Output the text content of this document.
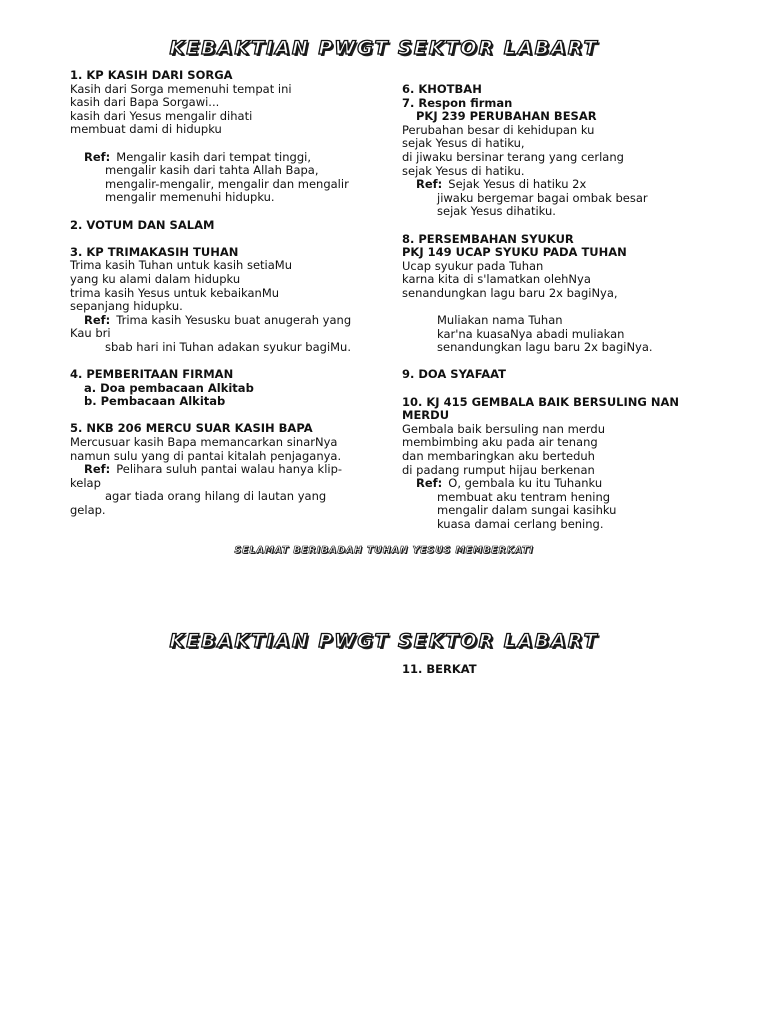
KEBAKTIAN PWGT SEKTOR LABART
1. KP KASIH DARI SORGA
Kasih dari Sorga memenuhi tempat ini
kasih dari Bapa Sorgawi...
kasih dari Yesus mengalir dihati
membuat dami di hidupku
Ref: Mengalir kasih dari tempat tinggi,
mengalir kasih dari tahta Allah Bapa,
mengalir-mengalir, mengalir dan mengalir
mengalir memenuhi hidupku.
2. VOTUM DAN SALAM
3. KP TRIMAKASIH TUHAN
Trima kasih Tuhan untuk kasih setiaMu
yang ku alami dalam hidupku
trima kasih Yesus untuk kebaikanMu
sepanjang hidupku.
Ref: Trima kasih Yesusku buat anugerah yang
Kau bri
sbab hari ini Tuhan adakan syukur bagiMu.
4. PEMBERITAAN FIRMAN
a. Doa pembacaan Alkitab
b. Pembacaan Alkitab
5. NKB 206 MERCU SUAR KASIH BAPA
Mercusuar kasih Bapa memancarkan sinarNya
namun sulu yang di pantai kitalah penjaganya.
Ref: Pelihara suluh pantai walau hanya klip-
kelap
agar tiada orang hilang di lautan yang
gelap.
6. KHOTBAH
7. Respon firman
PKJ 239 PERUBAHAN BESAR
Perubahan besar di kehidupan ku
sejak Yesus di hatiku,
di jiwaku bersinar terang yang cerlang
sejak Yesus di hatiku.
Ref: Sejak Yesus di hatiku 2x
jiwaku bergemar bagai ombak besar
sejak Yesus dihatiku.
8. PERSEMBAHAN SYUKUR
PKJ 149 UCAP SYUKU PADA TUHAN
Ucap syukur pada Tuhan
karna kita di s'lamatkan olehNya
senandungkan lagu baru 2x bagiNya,
Muliakan nama Tuhan
kar'na kuasaNya abadi muliakan
senandungkan lagu baru 2x bagiNya.
9. DOA SYAFAAT
10. KJ 415 GEMBALA BAIK BERSULING NAN
MERDU
Gembala baik bersuling nan merdu
membimbing aku pada air tenang
dan membaringkan aku berteduh
di padang rumput hijau berkenan
Ref: O, gembala ku itu Tuhanku
membuat aku tentram hening
mengalir dalam sungai kasihku
kuasa damai cerlang bening.
SELAMAT BERIBADAH TUHAN YESUS MEMBERKATI
KEBAKTIAN PWGT SEKTOR LABART
11. BERKAT
